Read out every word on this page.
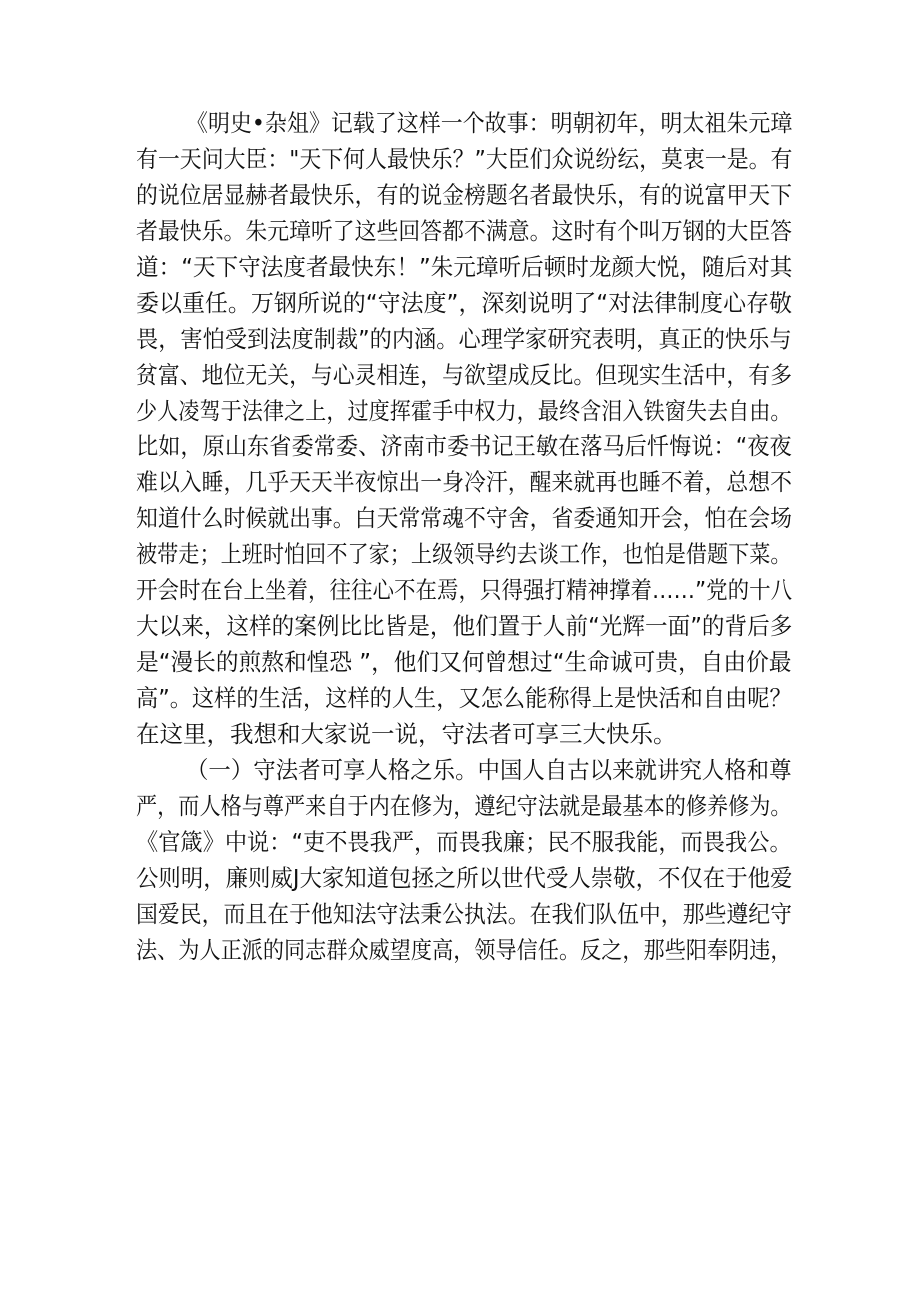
《明史•杂俎》记载了这样一个故事：明朝初年，明太祖朱元璋
有一天问大臣："天下何人最快乐？”大臣们众说纷纭，莫衷一是。有
的说位居显赫者最快乐，有的说金榜题名者最快乐，有的说富甲天下
者最快乐。朱元璋听了这些回答都不满意。这时有个叫万钢的大臣答
道：“天下守法度者最快东！”朱元璋听后顿时龙颜大悦，随后对其
委以重任。万钢所说的“守法度”，深刻说明了“对法律制度心存敬
畏，害怕受到法度制裁”的内涵。心理学家研究表明，真正的快乐与
贫富、地位无关，与心灵相连，与欲望成反比。但现实生活中，有多
少人凌驾于法律之上，过度挥霍手中权力，最终含泪入铁窗失去自由。
比如，原山东省委常委、济南市委书记王敏在落马后忏悔说：“夜夜
难以入睡，几乎天天半夜惊出一身冷汗，醒来就再也睡不着，总想不
知道什么时候就出事。白天常常魂不守舍，省委通知开会，怕在会场
被带走；上班时怕回不了家；上级领导约去谈工作，也怕是借题下菜。
开会时在台上坐着，往往心不在焉，只得强打精神撑着……”党的十八
大以来，这样的案例比比皆是，他们置于人前“光辉一面”的背后多
是“漫长的煎熬和惶恐 ”，他们又何曾想过“生命诚可贵，自由价最
高”。这样的生活，这样的人生，又怎么能称得上是快活和自由呢？
在这里，我想和大家说一说，守法者可享三大快乐。
（一）守法者可享人格之乐。中国人自古以来就讲究人格和尊
严，而人格与尊严来自于内在修为，遵纪守法就是最基本的修养修为。
《官箴》中说：“吏不畏我严，而畏我廉；民不服我能，而畏我公。
公则明，廉则威J大家知道包拯之所以世代受人崇敬，不仅在于他爱
国爱民，而且在于他知法守法秉公执法。在我们队伍中，那些遵纪守
法、为人正派的同志群众威望度高，领导信任。反之，那些阳奉阴违，
